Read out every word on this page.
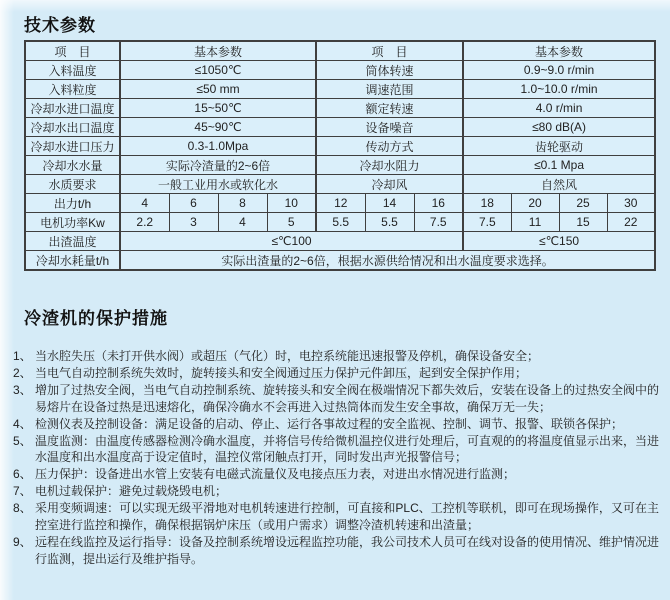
技术参数
项　目	基本参数				项　目			基本参数			
入料温度	≤1050℃				筒体转速			0.9~9.0 r/min			
入料粒度	≤50 mm				调速范围			1.0~10.0 r/min			
冷却水进口温度	15~50℃				额定转速			4.0 r/min			
冷却水出口温度	45~90℃				设备噪音			≤80 dB(A)			
冷却水进口压力	0.3-1.0Mpa				传动方式			齿轮驱动			
冷却水水量	实际冷渣量的2~6倍				冷却水阻力			≤0.1 Mpa			
水质要求	一般工业用水或软化水				冷却风			自然风			
出力t/h	4	6	8	10	12	14	16	18	20	25	30
电机功率Kw	2.2	3	4	5	5.5	5.5	7.5	7.5	11	15	22
出渣温度	≤℃100							≤℃150			
冷却水耗量t/h	实际出渣量的2~6倍，根据水源供给情况和出水温度要求选择。										
冷渣机的保护措施
1、 当水腔失压（未打开供水阀）或超压（气化）时，电控系统能迅速报警及停机，确保设备安全；
2、 当电气自动控制系统失效时，旋转接头和安全阀通过压力保护元件卸压，起到安全保护作用；
3、 增加了过热安全阀，当电气自动控制系统、旋转接头和安全阀在极端情况下都失效后，安装在设备上的过热安全阀中的易熔片在设备过热是迅速熔化，确保冷确水不会再进入过热筒体而发生安全事故，确保万无一失；
4、 检测仪表及控制设备：满足设备的启动、停止、运行各事故过程的安全监视、控制、调节、报警、联锁各保护；
5、 温度监测：由温度传感器检测冷确水温度，并将信号传给微机温控仪进行处理后，可直观的的将温度值显示出来，当进水温度和出水温度高于设定值时，温控仪常闭触点打开，同时发出声光报警信号；
6、 压力保护：设备进出水管上安装有电磁式流量仪及电接点压力表，对进出水情况进行监测；
7、 电机过载保护：避免过载烧毁电机；
8、 采用变频调速：可以实现无级平滑地对电机转速进行控制，可直接和PLC、工控机等联机，即可在现场操作，又可在主控室进行监控和操作，确保根据锅炉床压（或用户需求）调整冷渣机转速和出渣量；
9、 远程在线监控及运行指导：设备及控制系统增设远程监控功能，我公司技术人员可在线对设备的使用情况、维护情况进行监测，提出运行及维护指导。
